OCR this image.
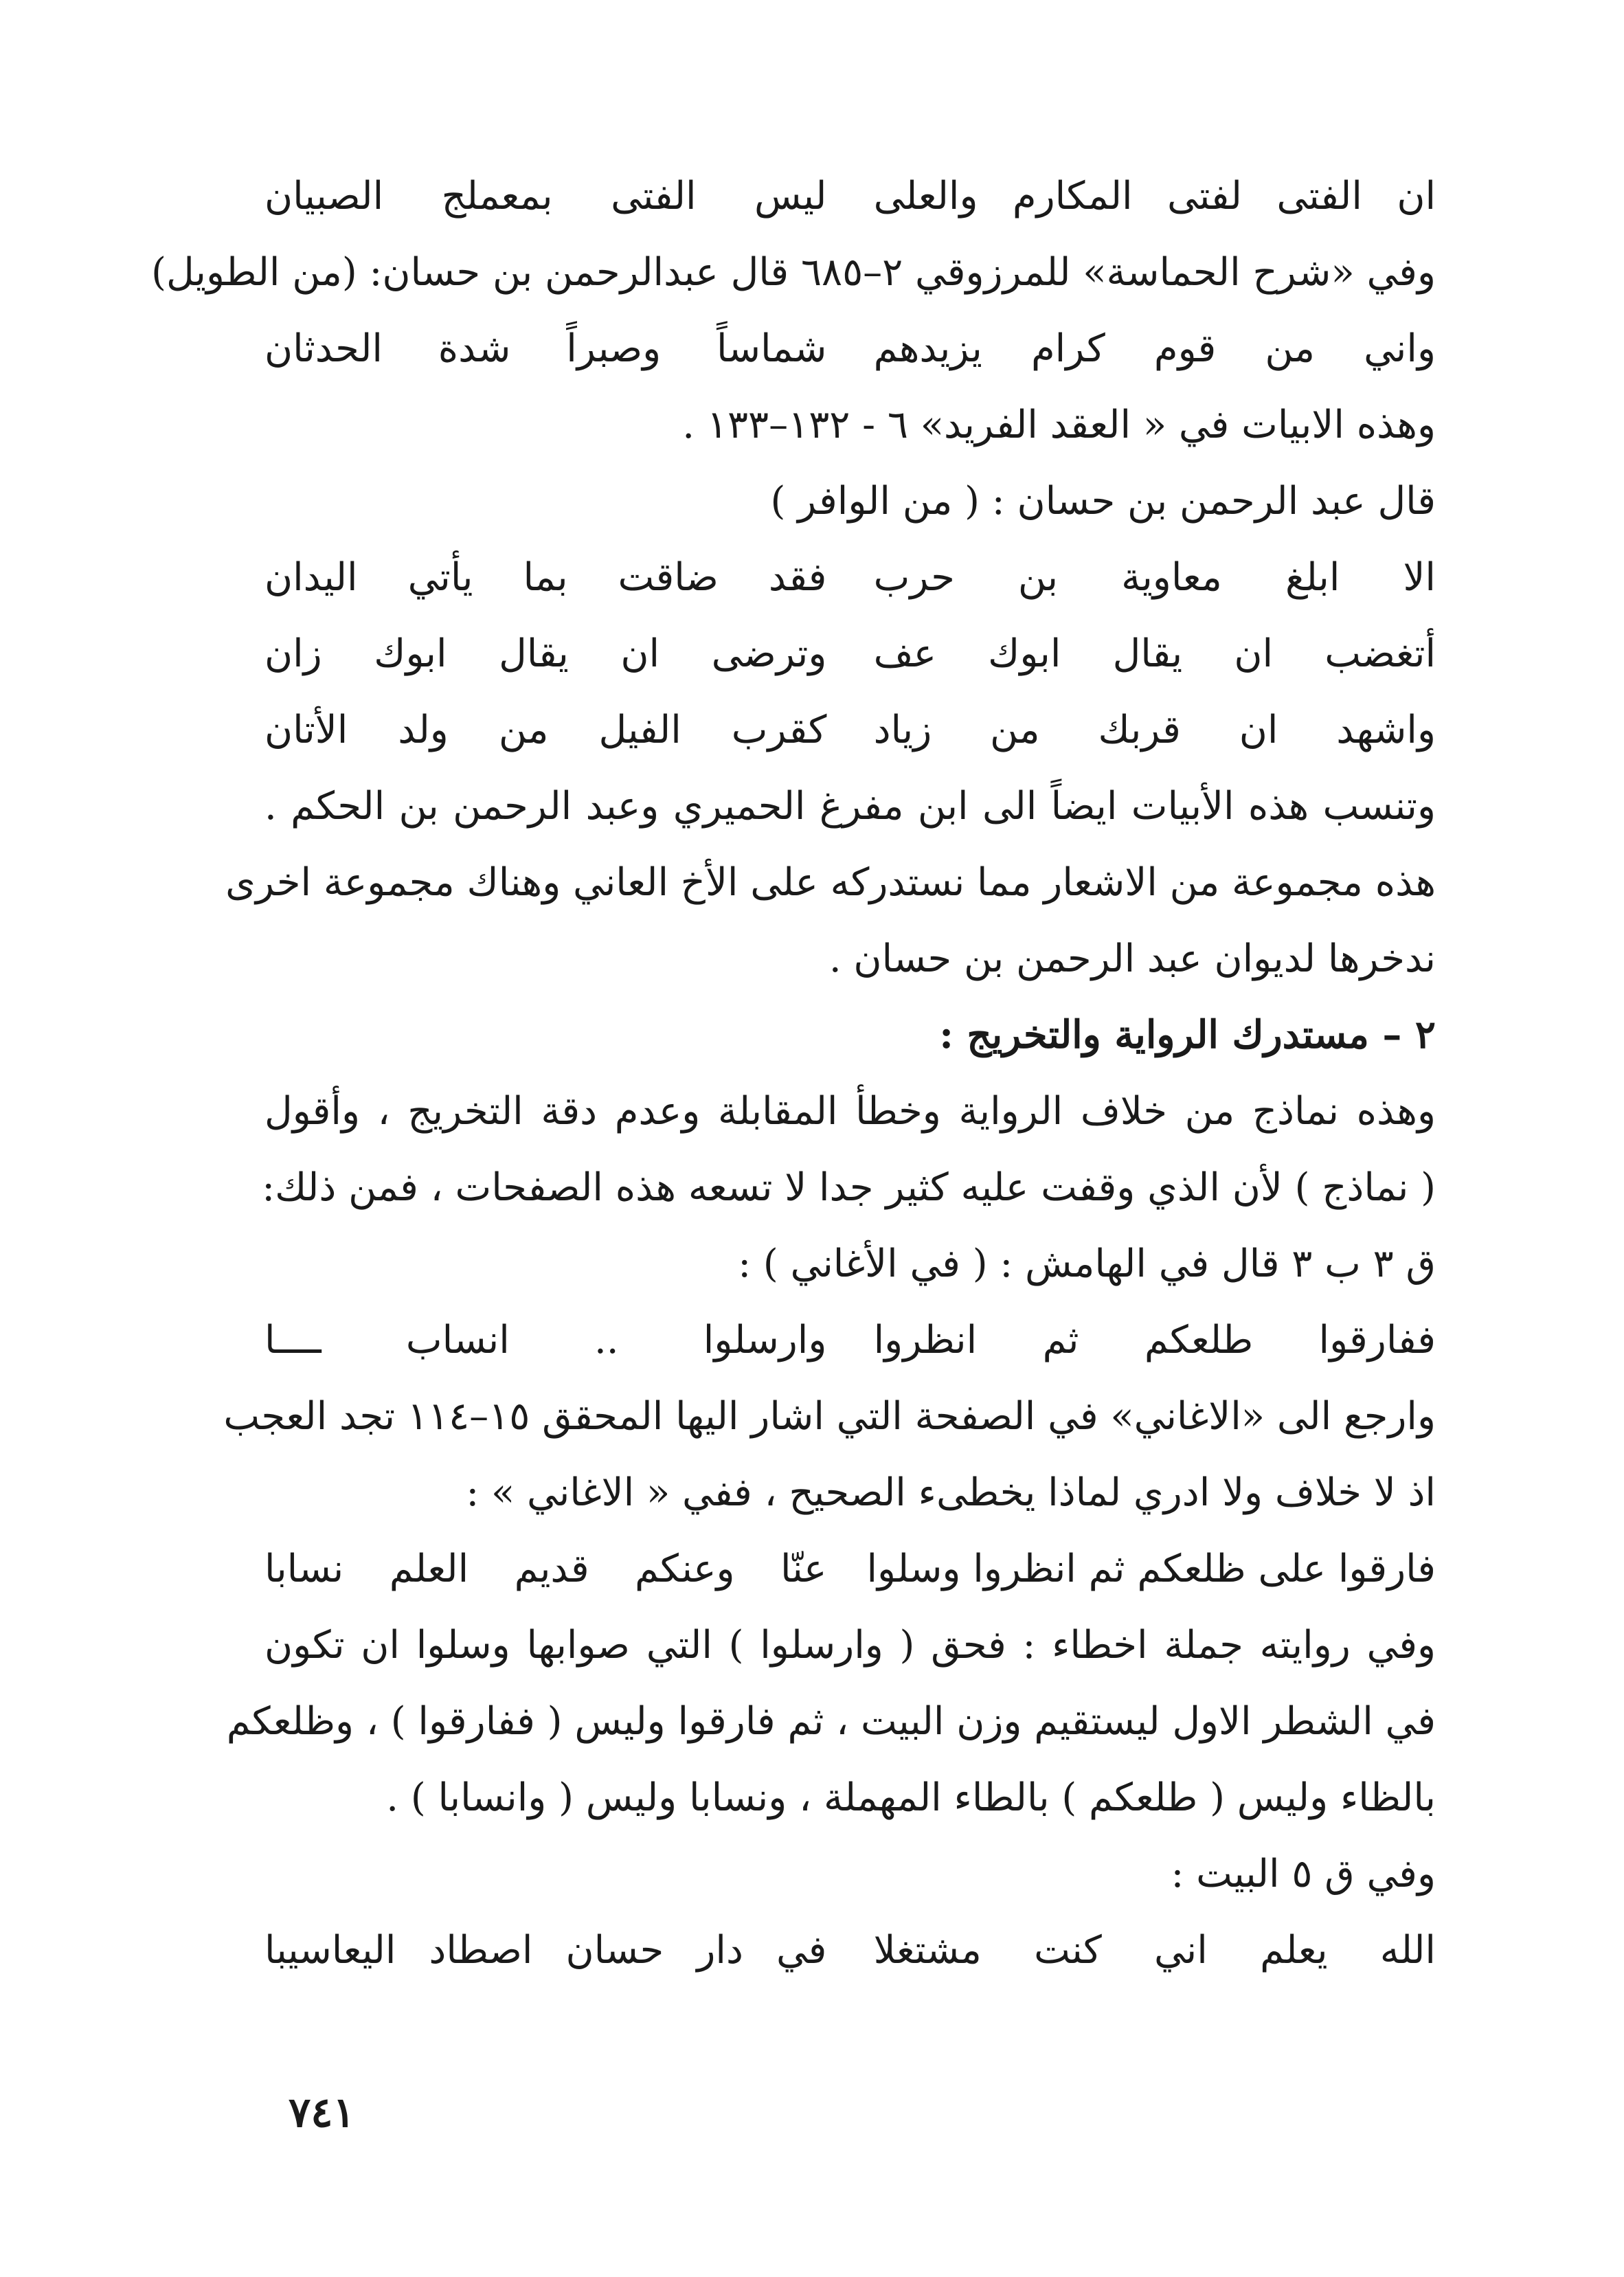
ان الفتى لفتى المكارم والعلى
ليس الفتى بمعملج الصبيان
وفي «شرح الحماسة» للمرزوقي ٢–٦٨٥ قال عبدالرحمن بن حسان: (من الطويل)
واني من قوم كرام يزيدهم
شماساً وصبراً شدة الحدثان
وهذه الابيات في « العقد الفريد» ٦ - ١٣٢–١٣٣ .
قال عبد الرحمن بن حسان : ( من الوافر )
الا ابلغ معاوية بن حرب
فقد ضاقت بما يأتي اليدان
أتغضب ان يقال ابوك عف
وترضى ان يقال ابوك زان
واشهد ان قربك من زياد
كقرب الفيل من ولد الأتان
وتنسب هذه الأبيات ايضاً الى ابن مفرغ الحميري وعبد الرحمن بن الحكم .
هذه مجموعة من الاشعار مما نستدركه على الأخ العاني وهناك مجموعة اخرى
ندخرها لديوان عبد الرحمن بن حسان .
٢ – مستدرك الرواية والتخريج :
وهذه نماذج من خلاف الرواية وخطأ المقابلة وعدم دقة التخريج ، وأقول
( نماذج ) لأن الذي وقفت عليه كثير جدا لا تسعه هذه الصفحات ، فمن ذلك:
ق ٣ ب ٣ قال في الهامش : ( في الأغاني ) :
ففارقوا طلعكم ثم انظروا
وارسلوا .. انساب ــــا
وارجع الى «الاغاني» في الصفحة التي اشار اليها المحقق ١٥–١١٤ تجد العجب
اذ لا خلاف ولا ادري لماذا يخطىء الصحيح ، ففي « الاغاني » :
فارقوا على ظلعكم ثم انظروا وسلوا
عنّا وعنكم قديم العلم نسابا
وفي روايته جملة اخطاء : فحق ( وارسلوا ) التي صوابها وسلوا ان تكون
في الشطر الاول ليستقيم وزن البيت ، ثم فارقوا وليس ( ففارقوا ) ، وظلعكم
بالظاء وليس ( طلعكم ) بالطاء المهملة ، ونسابا وليس ( وانسابا ) .
وفي ق ٥ البيت :
الله يعلم اني كنت مشتغلا
في دار حسان اصطاد اليعاسيبا
٧٤١
